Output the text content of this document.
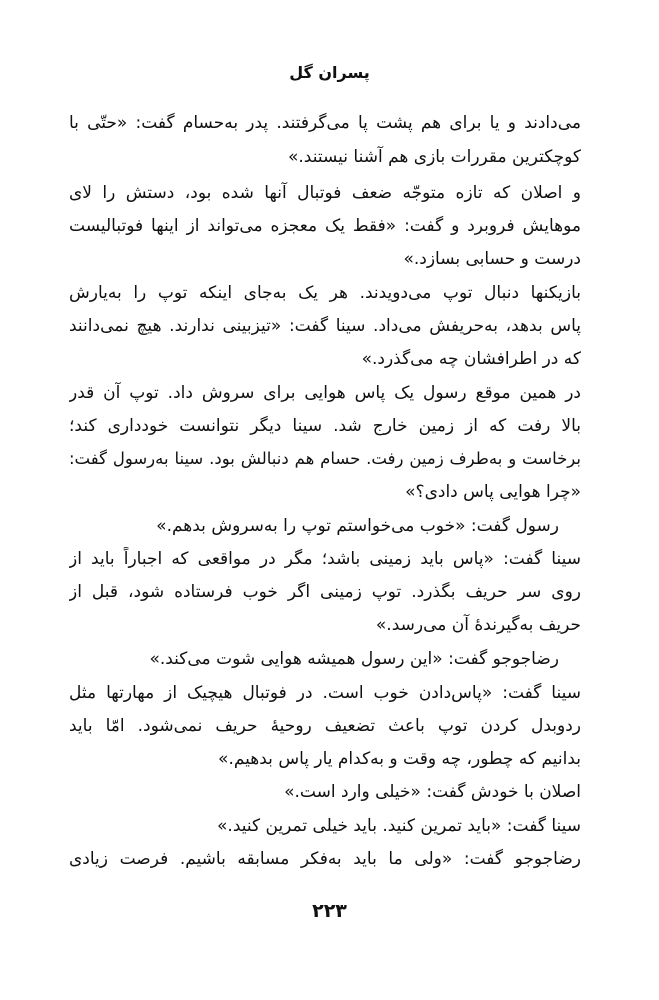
پسران گل
می‌دادند و یا برای هم پشت پا می‌گرفتند. پدر به‌حسام گفت: «حتّی با
کوچکترین مقررات بازی هم آشنا نیستند.»
و اصلان که تازه متوجّه ضعف فوتبال آنها شده بود، دستش را لای
موهایش فروبرد و گفت: «فقط یک معجزه می‌تواند از اینها فوتبالیست
درست و حسابی بسازد.»
بازیکنها دنبال توپ می‌دویدند. هر یک به‌جای اینکه توپ را به‌یارش
پاس بدهد، به‌حریفش می‌داد. سینا گفت: «تیزبینی ندارند. هیچ نمی‌دانند
که در اطرافشان چه می‌گذرد.»
در همین موقع رسول یک پاس هوایی برای سروش داد. توپ آن قدر
بالا رفت که از زمین خارج شد. سینا دیگر نتوانست خودداری کند؛
برخاست و به‌طرف زمین رفت. حسام هم دنبالش بود. سینا به‌رسول گفت:
«چرا هوایی پاس دادی؟»
رسول گفت: «خوب می‌خواستم توپ را به‌سروش بدهم.»
سینا گفت: «پاس باید زمینی باشد؛ مگر در مواقعی که اجباراً باید از
روی سر حریف بگذرد. توپ زمینی اگر خوب فرستاده شود، قبل از
حریف به‌گیرندهٔ آن می‌رسد.»
رضاجوجو گفت: «این رسول همیشه هوایی شوت می‌کند.»
سینا گفت: «پاس‌دادن خوب است. در فوتبال هیچیک از مهارتها مثل
ردوبدل کردن توپ باعث تضعیف روحیهٔ حریف نمی‌شود. امّا باید
بدانیم که چطور، چه وقت و به‌کدام یار پاس بدهیم.»
اصلان با خودش گفت: «خیلی وارد است.»
سینا گفت: «باید تمرین کنید. باید خیلی تمرین کنید.»
رضاجوجو گفت: «ولی ما باید به‌فکر مسابقه باشیم. فرصت زیادی
۲۲۳
